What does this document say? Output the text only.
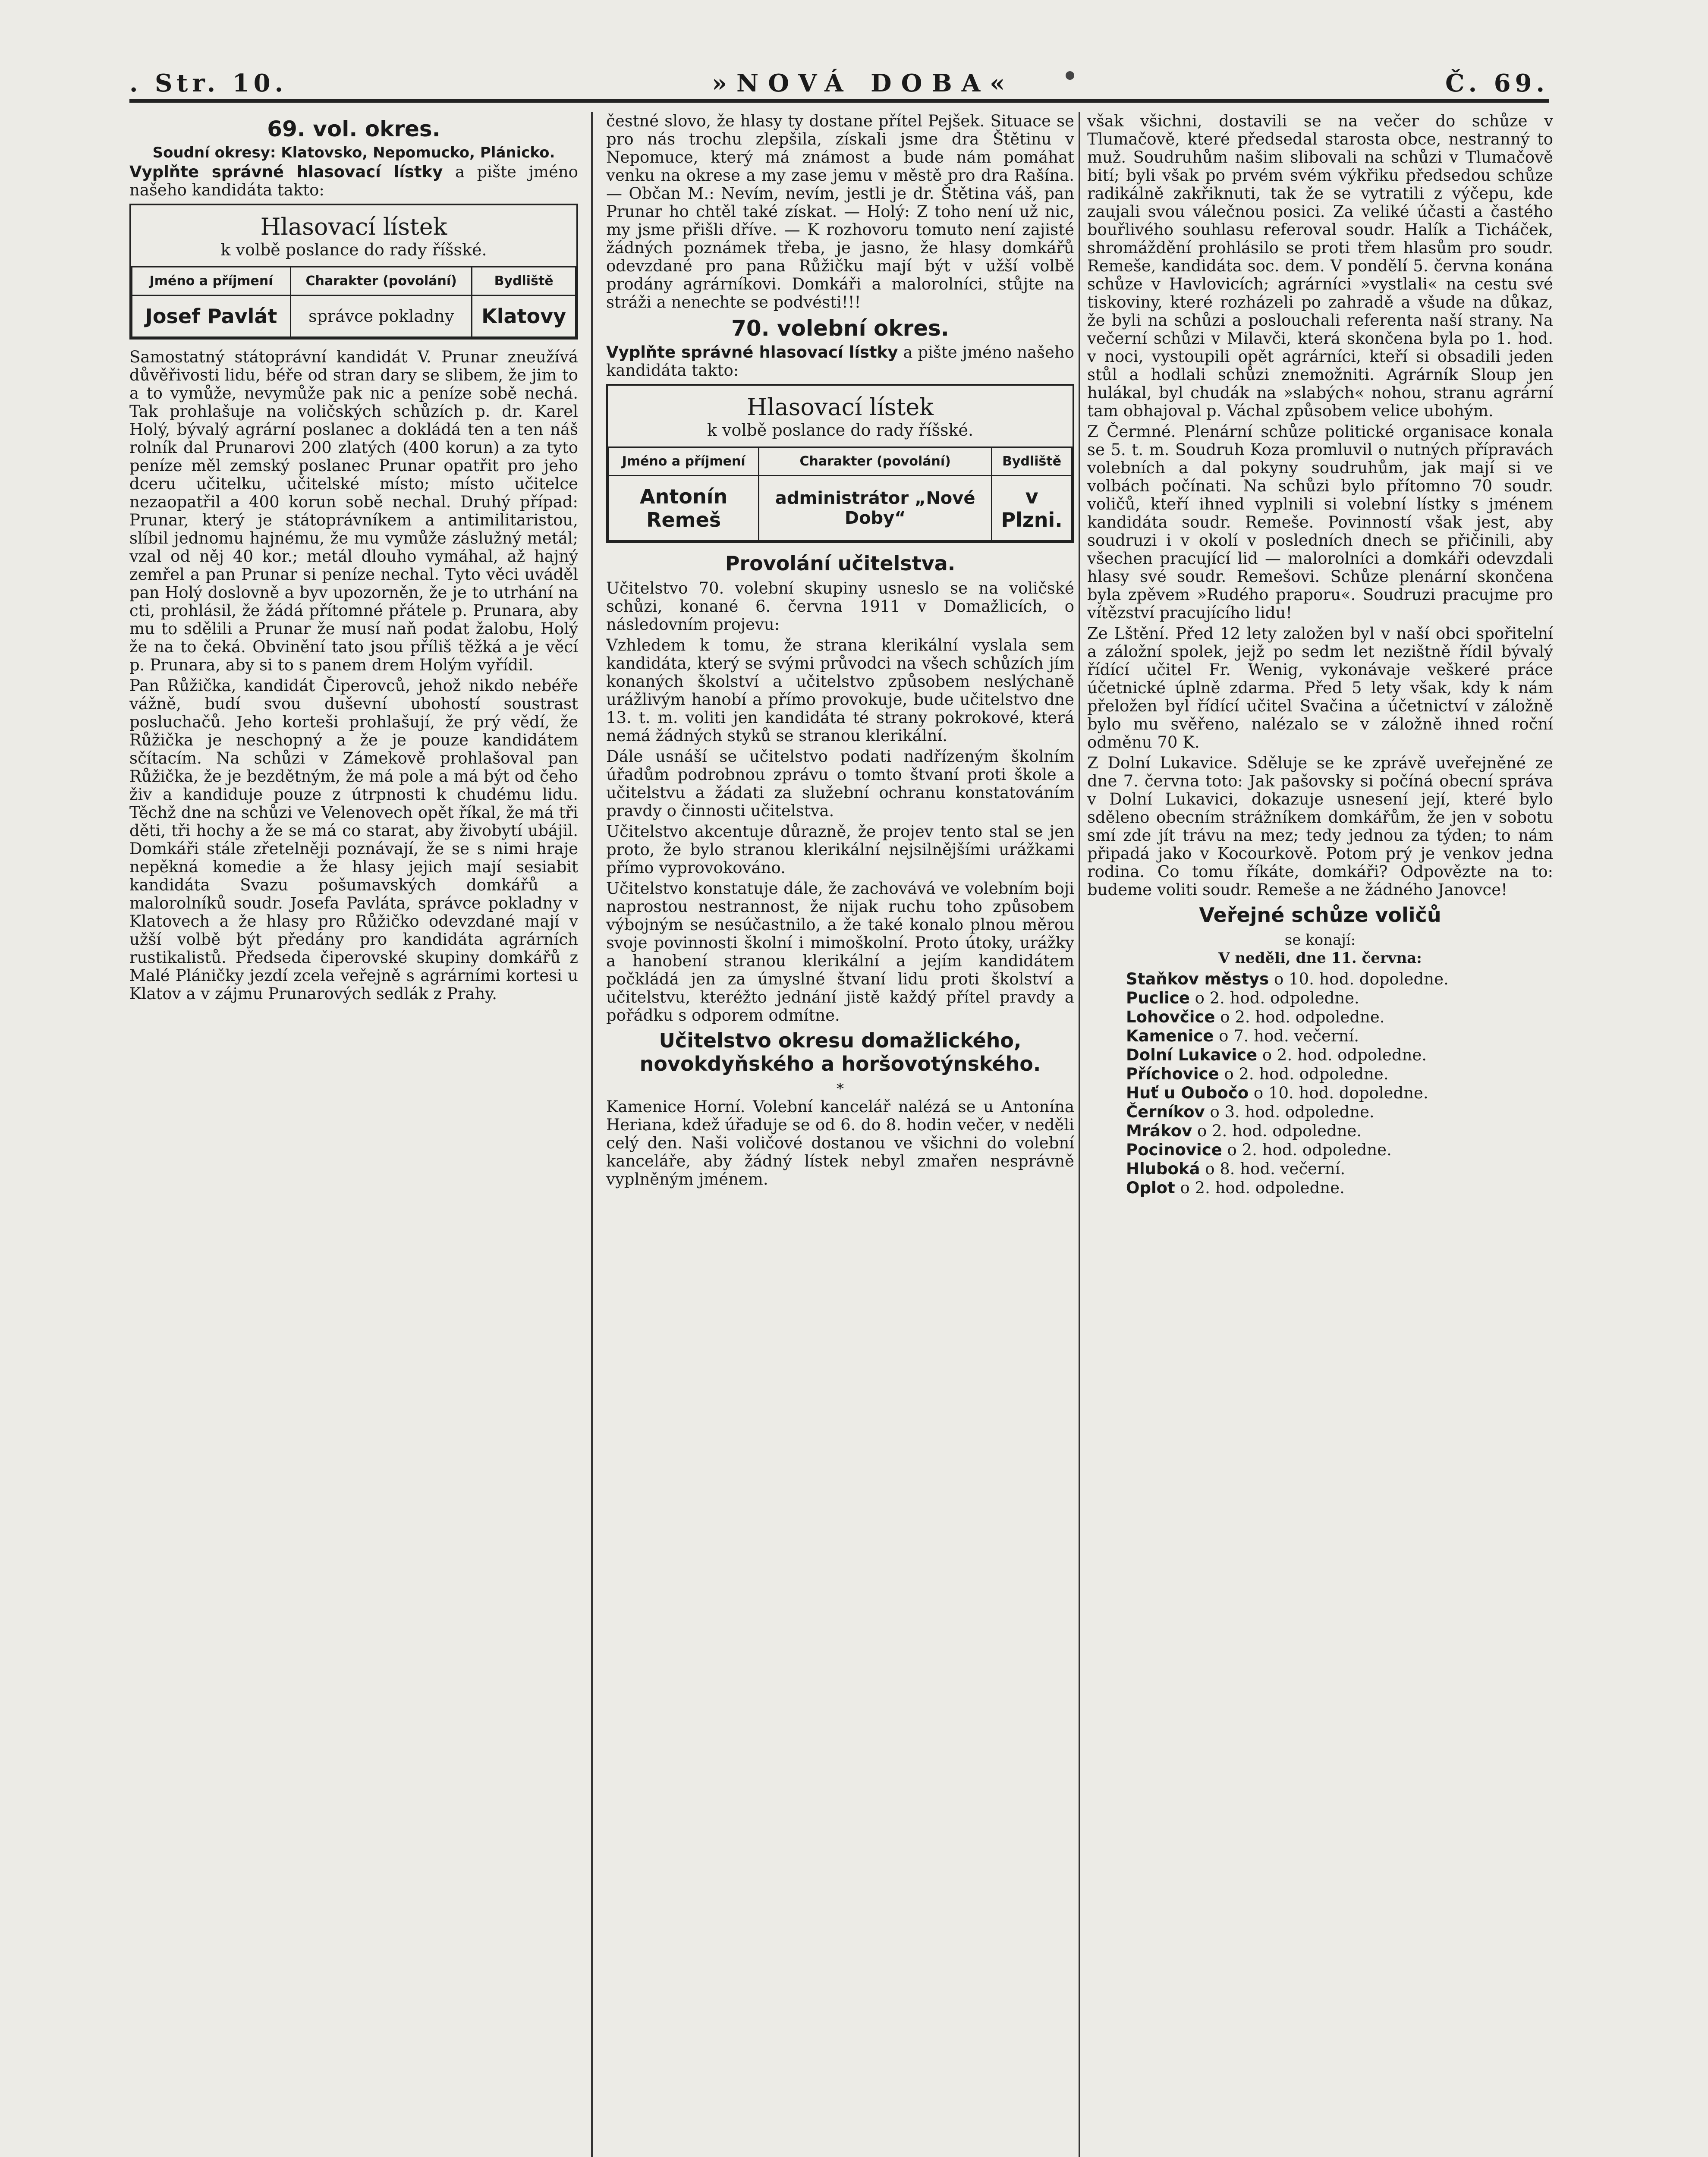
. Str. 10.	»NOVÁ DOBA«	Č. 69.
69. vol. okres.
Soudní okresy: Klatovsko, Nepomucko, Plánicko.

Vyplňte správné hlasovací lístky a pište jméno našeho kandidáta takto:

Hlasovací lístek
k volbě poslance do rady říšské.
Jméno a příjmení	Charakter (povolání)	Bydliště
Josef Pavlát	správce pokladny	Klatovy

Samostatný státoprávní kandidát V. Prunar zneužívá důvěřivosti lidu, béře od stran dary se slibem, že jim to a to vymůže, nevymůže pak nic a peníze sobě nechá. Tak prohlašuje na voličských schůzích p. dr. Karel Holý, bývalý agrární poslanec a dokládá ten a ten náš rolník dal Prunarovi 200 zlatých (400 korun) a za tyto peníze měl zemský poslanec Prunar opatřit pro jeho dceru učitelku, učitelské místo; místo učitelce nezaopatřil a 400 korun sobě nechal. Druhý případ: Prunar, který je státoprávníkem a antimilitaristou, slíbil jednomu hajnému, že mu vymůže záslužný metál; vzal od něj 40 kor.; metál dlouho vymáhal, až hajný zemřel a pan Prunar si peníze nechal. Tyto věci uváděl pan Holý doslovně a byv upozorněn, že je to utrhání na cti, prohlásil, že žádá přítomné přátele p. Prunara, aby mu to sdělili a Prunar že musí naň podat žalobu, Holý že na to čeká. Obvinění tato jsou příliš těžká a je věcí p. Prunara, aby si to s panem drem Holým vyřídil.

Pan Růžička, kandidát Čiperovců, jehož nikdo nebéře vážně, budí svou duševní ubohostí soustrast posluchačů. Jeho korteši prohlašují, že prý vědí, že Růžička je neschopný a že je pouze kandidátem sčítacím. Na schůzi v Zámekově prohlašoval pan Růžička, že je bezdětným, že má pole a má být od čeho živ a kandiduje pouze z útrpnosti k chudému lidu. Těchž dne na schůzi ve Velenovech opět říkal, že má tři děti, tři hochy a že se má co starat, aby živobytí ubájil. Domkáři stále zřetelněji poznávají, že se s nimi hraje nepěkná komedie a že hlasy jejich mají sesiabit kandidáta Svazu pošumavských domkářů a malorolníků soudr. Josefa Pavláta, správce pokladny v Klatovech a že hlasy pro Růžičko odevzdané mají v užší volbě být předány pro kandidáta agrárních rustikalistů. Předseda čiperovské skupiny domkářů z Malé Pláničky jezdí zcela veřejně s agrárními kortesi u Klatov a v zájmu Prunarových sedlák z Prahy.

čestné slovo, že hlasy ty dostane přítel Pejšek. Situace se pro nás trochu zlepšila, získali jsme dra Štětinu v Nepomuce, který má známost a bude nám pomáhat venku na okrese a my zase jemu v městě pro dra Rašína. — Občan M.: Nevím, nevím, jestli je dr. Štětina váš, pan Prunar ho chtěl také získat. — Holý: Z toho není už nic, my jsme přišli dříve. — K rozhovoru tomuto není zajisté žádných poznámek třeba, je jasno, že hlasy domkářů odevzdané pro pana Růžičku mají být v užší volbě prodány agrárníkovi. Domkáři a malorolníci, stůjte na stráži a nenechte se podvésti!!!

70. volební okres.

Vyplňte správné hlasovací lístky a pište jméno našeho kandidáta takto:

Hlasovací lístek
k volbě poslance do rady říšské.
Jméno a příjmení	Charakter (povolání)	Bydliště
Antonín Remeš	administrátor „Nové Doby“	v Plzni.
Provolání učitelstva.

Učitelstvo 70. volební skupiny usneslo se na voličské schůzi, konané 6. června 1911 v Domažlicích, o následovním projevu:

Vzhledem k tomu, že strana klerikální vyslala sem kandidáta, který se svými průvodci na všech schůzích jím konaných školství a učitelstvo způsobem neslýchaně urážlivým hanobí a přímo provokuje, bude učitelstvo dne 13. t. m. voliti jen kandidáta té strany pokrokové, která nemá žádných styků se stranou klerikální.

Dále usnáší se učitelstvo podati nadřízeným školním úřadům podrobnou zprávu o tomto štvaní proti škole a učitelstvu a žádati za služební ochranu konstatováním pravdy o činnosti učitelstva.

Učitelstvo akcentuje důrazně, že projev tento stal se jen proto, že bylo stranou klerikální nejsilnějšími urážkami přímo vyprovokováno.

Učitelstvo konstatuje dále, že zachovává ve volebním boji naprostou nestrannost, že nijak ruchu toho způsobem výbojným se nesúčastnilo, a že také konalo plnou měrou svoje povinnosti školní i mimoškolní. Proto útoky, urážky a hanobení stranou klerikální a jejím kandidátem počkládá jen za úmyslné štvaní lidu proti školství a učitelstvu, kteréžto jednání jistě každý přítel pravdy a pořádku s odporem odmítne.

Učitelstvo okresu domažlického, novokdyňského a horšovotýnského.

*

Kamenice Horní. Volební kancelář nalézá se u Antonína Heriana, kdež úřaduje se od 6. do 8. hodin večer, v neděli celý den. Naši voličové dostanou ve všichni do volební kanceláře, aby žádný lístek nebyl zmařen nesprávně vyplněným jménem.

však všichni, dostavili se na večer do schůze v Tlumačově, které předsedal starosta obce, nestranný to muž. Soudruhům našim slibovali na schůzi v Tlumačově bití; byli však po prvém svém výkřiku předsedou schůze radikálně zakřiknuti, tak že se vytratili z výčepu, kde zaujali svou válečnou posici. Za veliké účasti a častého bouřlivého souhlasu referoval soudr. Halík a Ticháček, shromáždění prohlásilo se proti třem hlasům pro soudr. Remeše, kandidáta soc. dem. V pondělí 5. června konána schůze v Havlovicích; agrárníci »vystlali« na cestu své tiskoviny, které rozházeli po zahradě a všude na důkaz, že byli na schůzi a poslouchali referenta naší strany. Na večerní schůzi v Milavči, která skončena byla po 1. hod. v noci, vystoupili opět agrárníci, kteří si obsadili jeden stůl a hodlali schůzi znemožniti. Agrárník Sloup jen hulákal, byl chudák na »slabých« nohou, stranu agrární tam obhajoval p. Váchal způsobem velice ubohým.

Z Čermné. Plenární schůze politické organisace konala se 5. t. m. Soudruh Koza promluvil o nutných přípravách volebních a dal pokyny soudruhům, jak mají si ve volbách počínati. Na schůzi bylo přítomno 70 soudr. voličů, kteří ihned vyplnili si volební lístky s jménem kandidáta soudr. Remeše. Povinností však jest, aby soudruzi i v okolí v posledních dnech se přičinili, aby všechen pracující lid — malorolníci a domkáři odevzdali hlasy své soudr. Remešovi. Schůze plenární skončena byla zpěvem »Rudého praporu«. Soudruzi pracujme pro vítězství pracujícího lidu!

Ze Lštění. Před 12 lety založen byl v naší obci spořitelní a záložní spolek, jejž po sedm let nezištně řídil bývalý řídící učitel Fr. Wenig, vykonávaje veškeré práce účetnické úplně zdarma. Před 5 lety však, kdy k nám přeložen byl řídící učitel Svačina a účetnictví v záložně bylo mu svěřeno, nalézalo se v záložně ihned roční odměnu 70 K.

Z Dolní Lukavice. Sděluje se ke zprávě uveřejněné ze dne 7. června toto: Jak pašovsky si počíná obecní správa v Dolní Lukavici, dokazuje usnesení její, které bylo sděleno obecním strážníkem domkářům, že jen v sobotu smí zde jít trávu na mez; tedy jednou za týden; to nám připadá jako v Kocourkově. Potom prý je venkov jedna rodina. Co tomu říkáte, domkáři? Odpovězte na to: budeme voliti soudr. Remeše a ne žádného Janovce!

Veřejné schůze voličů

se konají:

V neděli, dne 11. června:

Staňkov městys o 10. hod. dopoledne.
Puclice o 2. hod. odpoledne.
Lohovčice o 2. hod. odpoledne.
Kamenice o 7. hod. večerní.
Dolní Lukavice o 2. hod. odpoledne.
Příchovice o 2. hod. odpoledne.
Huť u Oubočo o 10. hod. dopoledne.
Černíkov o 3. hod. odpoledne.
Mrákov o 2. hod. odpoledne.
Pocinovice o 2. hod. odpoledne.
Hluboká o 8. hod. večerní.
Oplot o 2. hod. odpoledne.
